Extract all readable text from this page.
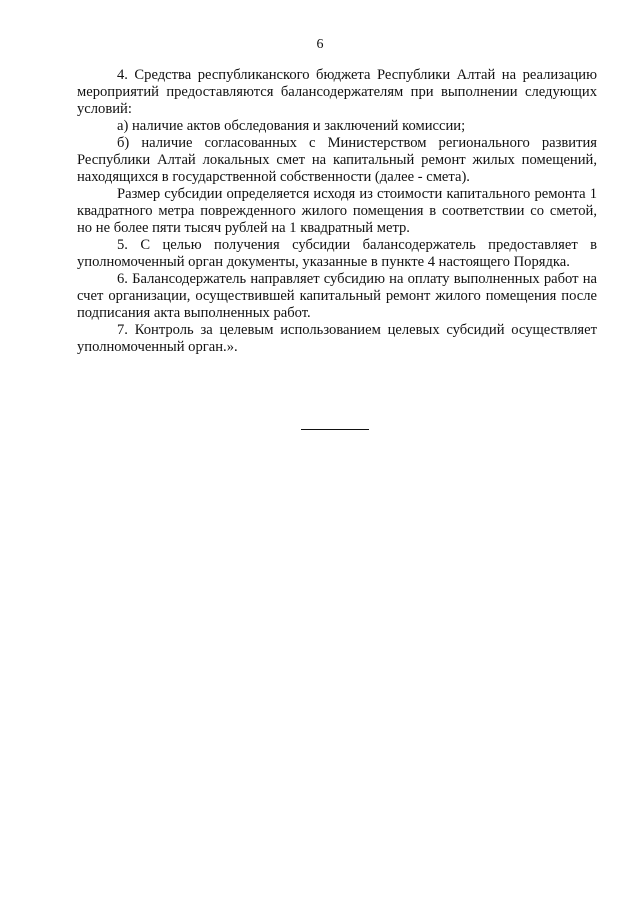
6

4. Средства республиканского бюджета Республики Алтай на реализацию мероприятий предоставляются балансодержателям при выполнении следующих условий:

а) наличие актов обследования и заключений комиссии;

б) наличие согласованных с Министерством регионального развития Республики Алтай локальных смет на капитальный ремонт жилых помещений, находящихся в государственной собственности (далее - смета).

Размер субсидии определяется исходя из стоимости капитального ремонта 1 квадратного метра поврежденного жилого помещения в соответствии со сметой, но не более пяти тысяч рублей на 1 квадратный метр.

5. С целью получения субсидии балансодержатель предоставляет в уполномоченный орган документы, указанные в пункте 4 настоящего Порядка.

6. Балансодержатель направляет субсидию на оплату выполненных работ на счет организации, осуществившей капитальный ремонт жилого помещения после подписания акта выполненных работ.

7. Контроль за целевым использованием целевых субсидий осуществляет уполномоченный орган.».
